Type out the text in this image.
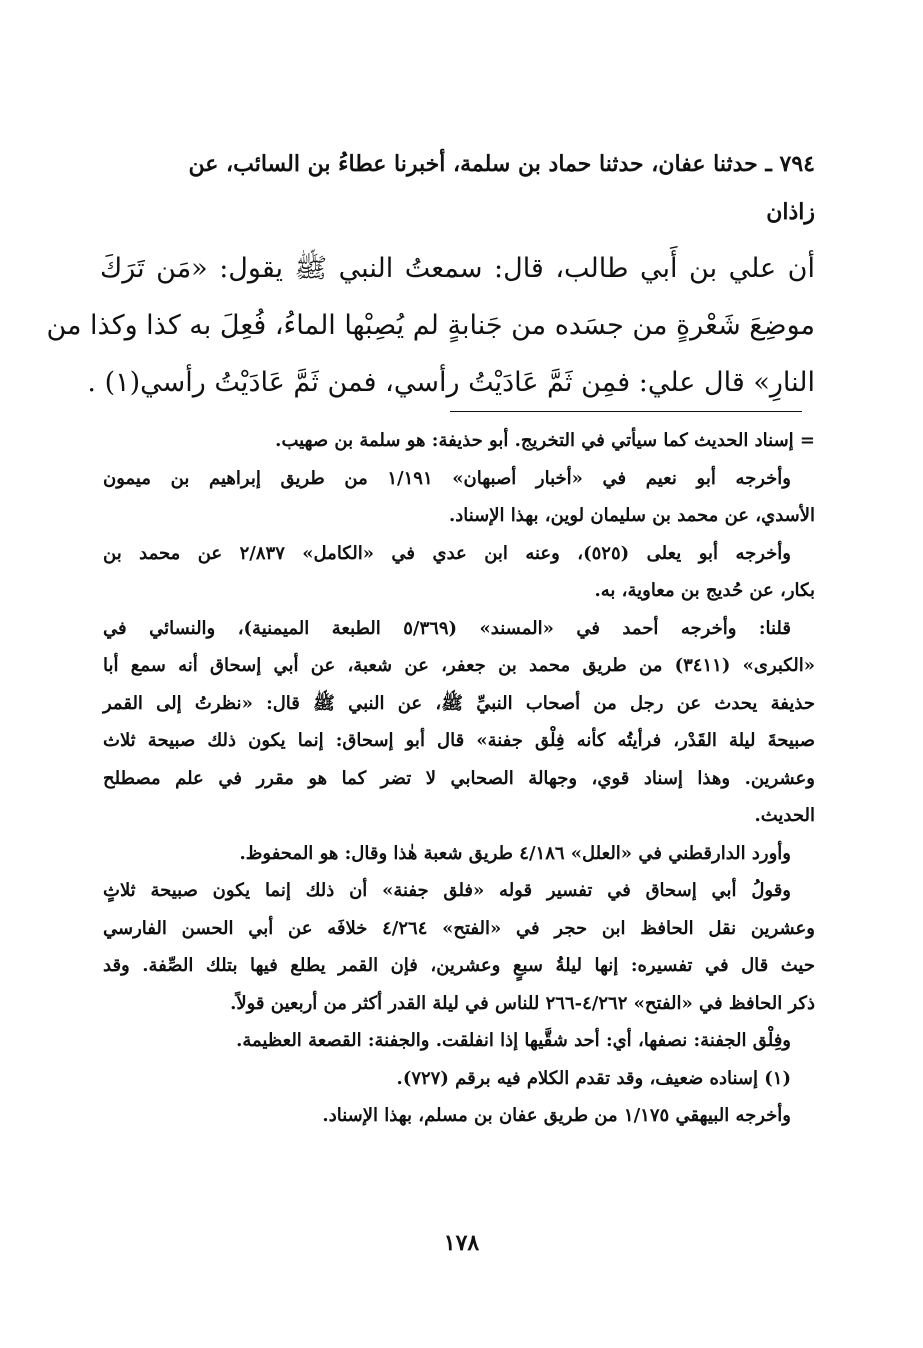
٧٩٤ ـ حدثنا عفان، حدثنا حماد بن سلمة، أخبرنا عطاءُ بن السائب، عن
زاذان
أن علي بن أَبي طالب، قال: سمعتُ النبي ﷺ يقول: «مَن تَرَكَ
موضِعَ شَعْرةٍ من جسَده من جَنابةٍ لم يُصِبْها الماءُ، فُعِلَ به كذا وكذا من
النارِ» قال علي: فمِن ثَمَّ عَادَيْتُ رأسي، فمن ثَمَّ عَادَيْتُ رأسي(١) .
= إسناد الحديث كما سيأتي في التخريج. أبو حذيفة: هو سلمة بن صهيب.
وأخرجه أبو نعيم في «أخبار أصبهان» ١/١٩١ من طريق إبراهيم بن ميمون
الأسدي، عن محمد بن سليمان لوين، بهذا الإسناد.
وأخرجه أبو يعلى (٥٢٥)، وعنه ابن عدي في «الكامل» ٢/٨٣٧ عن محمد بن
بكار، عن حُديج بن معاوية، به.
قلنا: وأخرجه أحمد في «المسند» (٥/٣٦٩ الطبعة الميمنية)، والنسائي في
«الكبرى» (٣٤١١) من طريق محمد بن جعفر، عن شعبة، عن أبي إسحاق أنه سمع أبا
حذيفة يحدث عن رجل من أصحاب النبيِّ ﷺ، عن النبي ﷺ قال: «نظرتُ إلى القمر
صبيحةَ ليلة القَدْر، فرأيتُه كأنه فِلْق جفنة» قال أبو إسحاق: إنما يكون ذلك صبيحة ثلاث
وعشرين. وهذا إسناد قوي، وجهالة الصحابي لا تضر كما هو مقرر في علم مصطلح
الحديث.
وأورد الدارقطني في «العلل» ٤/١٨٦ طريق شعبة هٰذا وقال: هو المحفوظ.
وقولُ أبي إسحاق في تفسير قوله «فلق جفنة» أن ذلك إنما يكون صبيحة ثلاثٍ
وعشرين نقل الحافظ ابن حجر في «الفتح» ٤/٢٦٤ خلافَه عن أبي الحسن الفارسي
حيث قال في تفسيره: إنها ليلةُ سبعٍ وعشرين، فإن القمر يطلع فيها بتلك الصِّفة. وقد
ذكر الحافظ في «الفتح» ٤/٢٦٢-٢٦٦ للناس في ليلة القدر أكثر من أربعين قولاً.
وفِلْق الجفنة: نصفها، أي: أحد شقَّيها إذا انفلقت. والجفنة: القصعة العظيمة.
(١) إسناده ضعيف، وقد تقدم الكلام فيه برقم (٧٢٧).
وأخرجه البيهقي ١/١٧٥ من طريق عفان بن مسلم، بهذا الإسناد.
١٧٨
